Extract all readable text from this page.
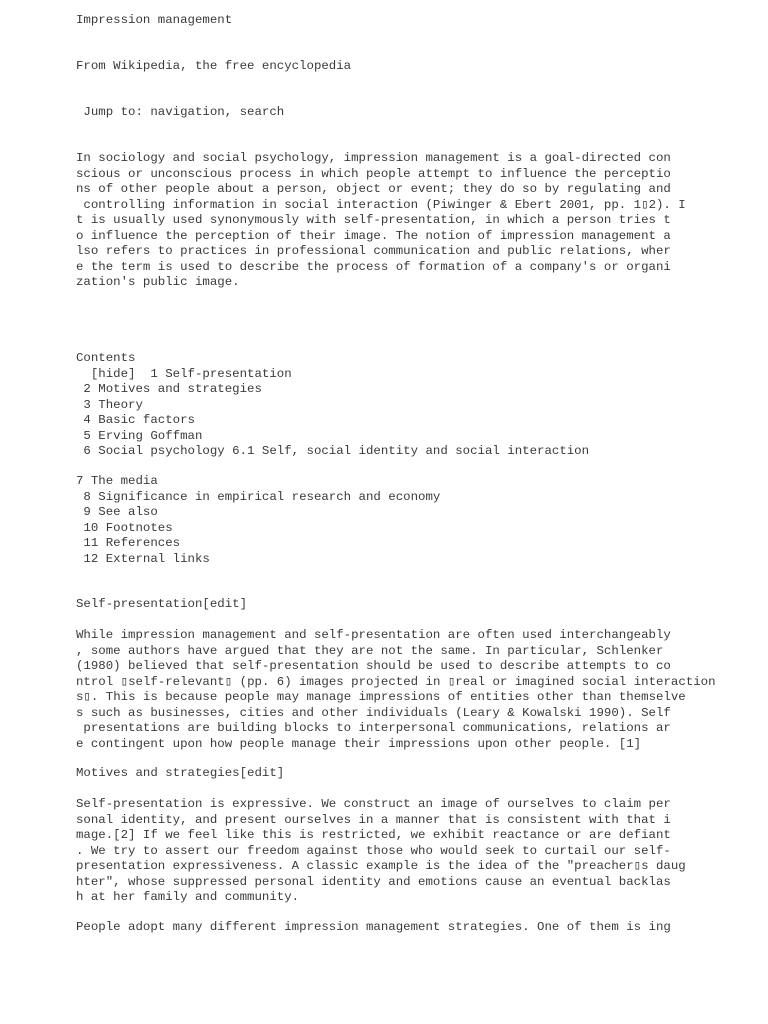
Impression management
From Wikipedia, the free encyclopedia
Jump to: navigation, search
In sociology and social psychology, impression management is a goal-directed con
scious or unconscious process in which people attempt to influence the perceptio
ns of other people about a person, object or event; they do so by regulating and
controlling information in social interaction (Piwinger & Ebert 2001, pp. 1▯2). I
t is usually used synonymously with self-presentation, in which a person tries t
o influence the perception of their image. The notion of impression management a
lso refers to practices in professional communication and public relations, wher
e the term is used to describe the process of formation of a company's or organi
zation's public image.
Contents
[hide]  1 Self-presentation
2 Motives and strategies
3 Theory
4 Basic factors
5 Erving Goffman
6 Social psychology 6.1 Self, social identity and social interaction
7 The media
8 Significance in empirical research and economy
9 See also
10 Footnotes
11 References
12 External links
Self-presentation[edit]
While impression management and self-presentation are often used interchangeably
, some authors have argued that they are not the same. In particular, Schlenker
(1980) believed that self-presentation should be used to describe attempts to co
ntrol ▯self-relevant▯ (pp. 6) images projected in ▯real or imagined social interaction
s▯. This is because people may manage impressions of entities other than themselve
s such as businesses, cities and other individuals (Leary & Kowalski 1990). Self
presentations are building blocks to interpersonal communications, relations ar
e contingent upon how people manage their impressions upon other people. [1]
Motives and strategies[edit]
Self-presentation is expressive. We construct an image of ourselves to claim per
sonal identity, and present ourselves in a manner that is consistent with that i
mage.[2] If we feel like this is restricted, we exhibit reactance or are defiant
. We try to assert our freedom against those who would seek to curtail our self-
presentation expressiveness. A classic example is the idea of the "preacher▯s daug
hter", whose suppressed personal identity and emotions cause an eventual backlas
h at her family and community.
People adopt many different impression management strategies. One of them is ing
